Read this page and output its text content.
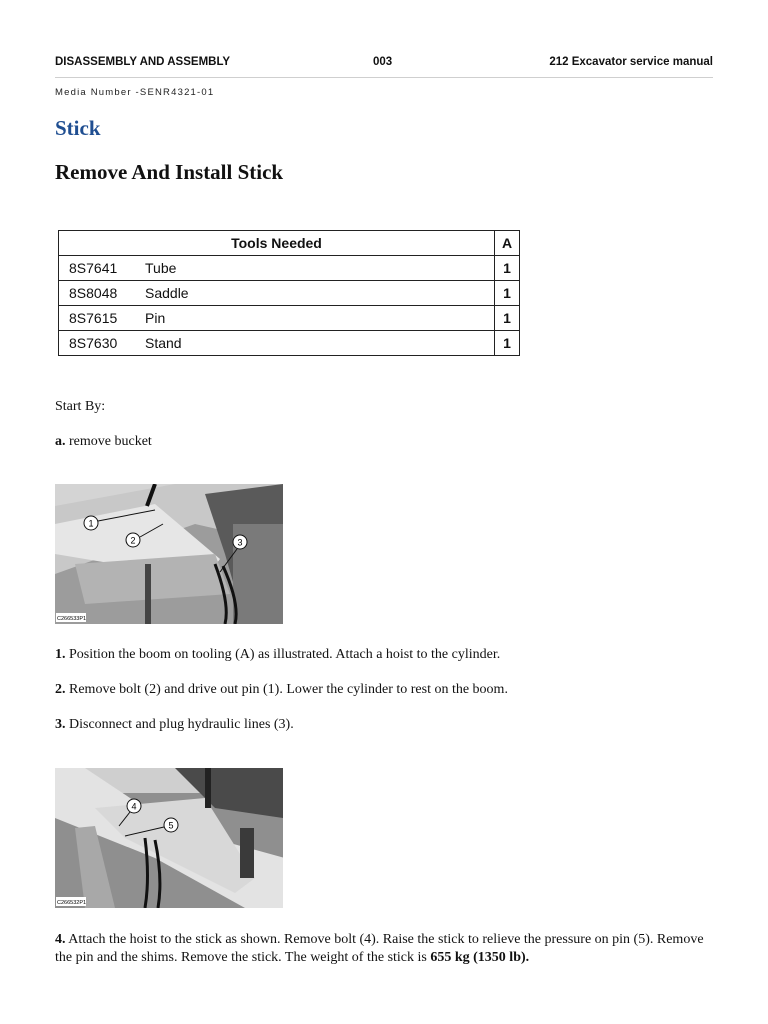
DISASSEMBLY AND ASSEMBLY	003	212 Excavator service manual
Media Number -SENR4321-01
Stick
Remove And Install Stick
Tools Needed		A
8S7641	Tube	1
8S8048	Saddle	1
8S7615	Pin	1
8S7630	Stand	1

Start By:

a. remove bucket

1
2	3
C266533P1

1. Position the boom on tooling (A) as illustrated. Attach a hoist to the cylinder.

2. Remove bolt (2) and drive out pin (1). Lower the cylinder to rest on the boom.

3. Disconnect and plug hydraulic lines (3).

4
5
C266532P1

4. Attach the hoist to the stick as shown. Remove bolt (4). Raise the stick to relieve the pressure on pin (5). Remove the pin and the shims. Remove the stick. The weight of the stick is 655 kg (1350 lb).
